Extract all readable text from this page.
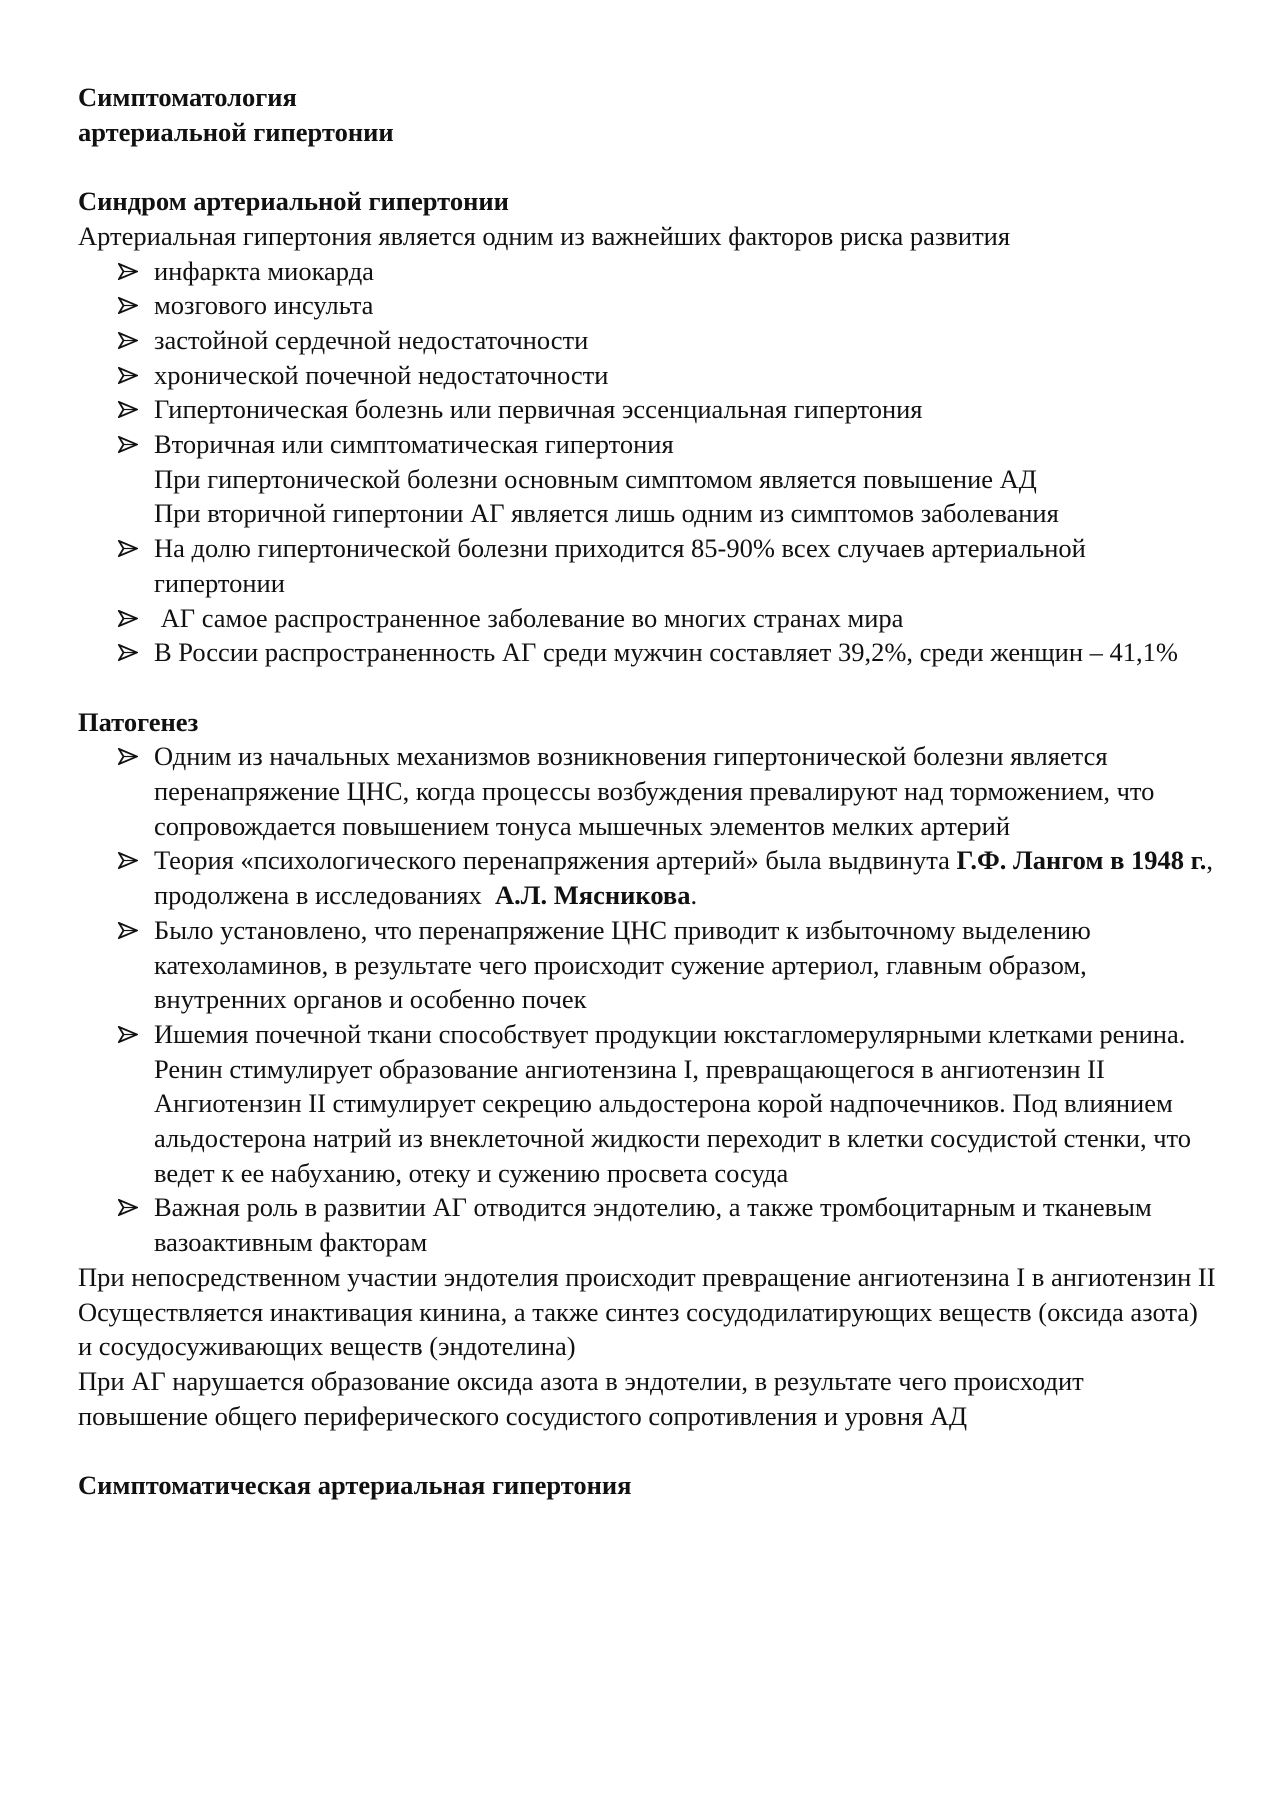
Симптоматология
артериальной гипертонии
Синдром артериальной гипертонии

Артериальная гипертония является одним из важнейших факторов риска развития

инфаркта миокарда
мозгового инсульта
застойной сердечной недостаточности
хронической почечной недостаточности
Гипертоническая болезнь или первичная эссенциальная гипертония
Вторичная или симптоматическая гипертония
При гипертонической болезни основным симптомом является повышение АД
При вторичной гипертонии АГ является лишь одним из симптомов заболевания
На долю гипертонической болезни приходится 85-90% всех случаев артериальной гипертонии
АГ самое распространенное заболевание во многих странах мира
В России распространенность АГ среди мужчин составляет 39,2%, среди женщин – 41,1%
Патогенез
Одним из начальных механизмов возникновения гипертонической болезни является перенапряжение ЦНС, когда процессы возбуждения превалируют над торможением, что сопровождается повышением тонуса мышечных элементов мелких артерий
Теория «психологического перенапряжения артерий» была выдвинута Г.Ф. Лангом в 1948 г., продолжена в исследованиях  А.Л. Мясникова.
Было установлено, что перенапряжение ЦНС приводит к избыточному выделению катехоламинов, в результате чего происходит сужение артериол, главным образом, внутренних органов и особенно почек
Ишемия почечной ткани способствует продукции юкстагломерулярными клетками ренина. Ренин стимулирует образование ангиотензина I, превращающегося в ангиотензин II Ангиотензин II стимулирует секрецию альдостерона корой надпочечников. Под влиянием альдостерона натрий из внеклеточной жидкости переходит в клетки сосудистой стенки, что ведет к ее набуханию, отеку и сужению просвета сосуда
Важная роль в развитии АГ отводится эндотелию, а также тромбоцитарным и тканевым вазоактивным факторам

При непосредственном участии эндотелия происходит превращение ангиотензина I в ангиотензин II

Осуществляется инактивация кинина, а также синтез сосудодилатирующих веществ (оксида азота) и сосудосуживающих веществ (эндотелина)

При АГ нарушается образование оксида азота в эндотелии, в результате чего происходит повышение общего периферического сосудистого сопротивления и уровня АД

Симптоматическая артериальная гипертония
